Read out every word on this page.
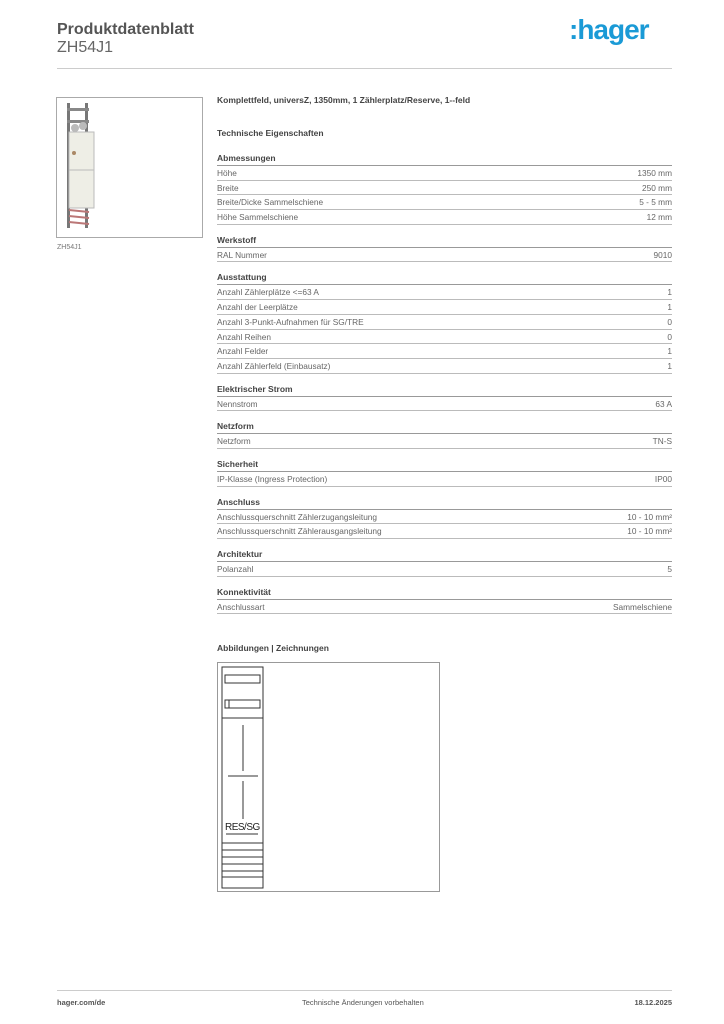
Produktdatenblatt
ZH54J1
:hager
ZH54J1
Komplettfeld, universZ, 1350mm, 1 Zählerplatz/Reserve, 1--feld
Technische Eigenschaften
Abmessungen
Höhe	1350 mm
Breite	250 mm
Breite/Dicke Sammelschiene	5 - 5 mm
Höhe Sammelschiene	12 mm
Werkstoff
RAL Nummer	9010
Ausstattung
Anzahl Zählerplätze <=63 A	1
Anzahl der Leerplätze	1
Anzahl 3-Punkt-Aufnahmen für SG/TRE	0
Anzahl Reihen	0
Anzahl Felder	1
Anzahl Zählerfeld (Einbausatz)	1
Elektrischer Strom
Nennstrom	63 A
Netzform
Netzform	TN-S
Sicherheit
IP-Klasse (Ingress Protection)	IP00
Anschluss
Anschlussquerschnitt Zählerzugangsleitung	10 - 10 mm²
Anschlussquerschnitt Zählerausgangsleitung	10 - 10 mm²
Architektur
Polanzahl	5
Konnektivität
Anschlussart	Sammelschiene
Abbildungen | Zeichnungen
RES/SG
hager.com/de	Technische Änderungen vorbehalten	18.12.2025
